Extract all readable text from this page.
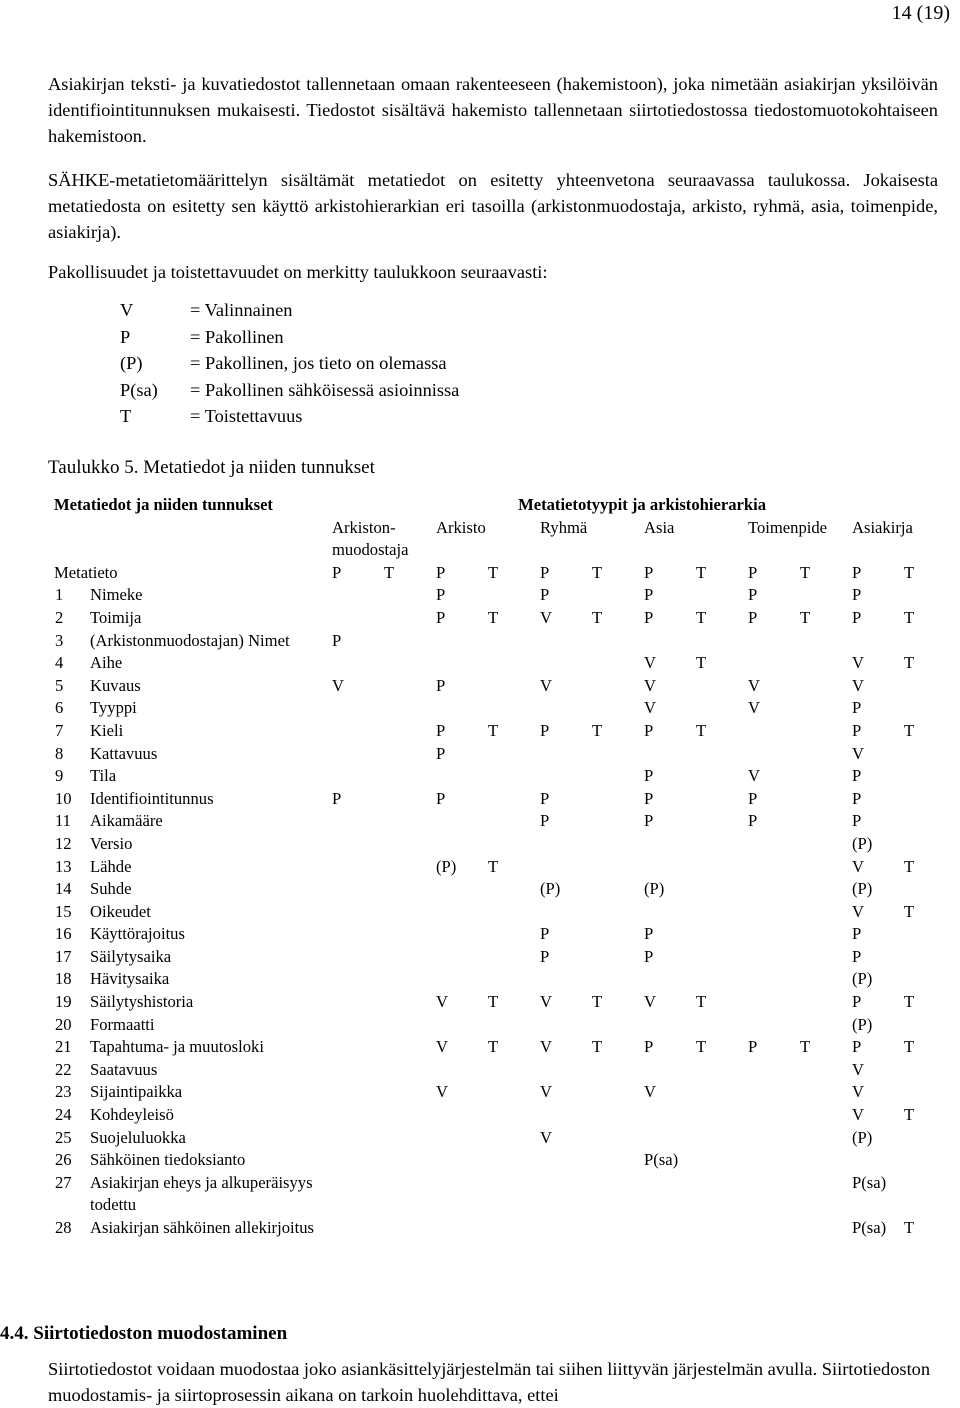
14 (19)

Asiakirjan teksti- ja kuvatiedostot tallennetaan omaan rakenteeseen (hakemistoon), joka nimetään asiakirjan yksilöivän identifiointitunnuksen mukaisesti. Tiedostot sisältävä hakemisto tallennetaan siirtotiedostossa tiedostomuotokohtaiseen hakemistoon.

SÄHKE-metatietomäärittelyn sisältämät metatiedot on esitetty yhteenvetona seuraavassa taulukossa. Jokaisesta metatiedosta on esitetty sen käyttö arkistohierarkian eri tasoilla (arkistonmuodostaja, arkisto, ryhmä, asia, toimenpide, asiakirja).

Pakollisuudet ja toistettavuudet on merkitty taulukkoon seuraavasti:

V	= Valinnainen
P	= Pakollinen
(P)	= Pakollinen, jos tieto on olemassa
P(sa)	= Pakollinen sähköisessä asioinnissa
T	= Toistettavuus
Taulukko 5. Metatiedot ja niiden tunnukset
Metatiedot ja niiden tunnukset		Metatietotyypit ja arkistohierarkia											
		Arkiston- muodostaja		Arkisto		Ryhmä		Asia		Toimenpide		Asiakirja	
Metatieto		P	T	P	T	P	T	P	T	P	T	P	T
1	Nimeke			P		P		P		P		P	
2	Toimija			P	T	V	T	P	T	P	T	P	T
3	(Arkistonmuodostajan) Nimet	P											
4	Aihe							V	T			V	T
5	Kuvaus	V		P		V		V		V		V	
6	Tyyppi							V		V		P	
7	Kieli			P	T	P	T	P	T			P	T
8	Kattavuus			P								V	
9	Tila							P		V		P	
10	Identifiointitunnus	P		P		P		P		P		P	
11	Aikamääre					P		P		P		P	
12	Versio											(P)	
13	Lähde			(P)	T							V	T
14	Suhde					(P)		(P)				(P)	
15	Oikeudet											V	T
16	Käyttörajoitus					P		P				P	
17	Säilytysaika					P		P				P	
18	Hävitysaika											(P)	
19	Säilytyshistoria			V	T	V	T	V	T			P	T
20	Formaatti											(P)	
21	Tapahtuma- ja muutosloki			V	T	V	T	P	T	P	T	P	T
22	Saatavuus											V	
23	Sijaintipaikka			V		V		V				V	
24	Kohdeyleisö											V	T
25	Suojeluluokka					V						(P)	
26	Sähköinen tiedoksianto							P(sa)					
27	Asiakirjan eheys ja alkuperäisyys todettu											P(sa)	
28	Asiakirjan sähköinen allekirjoitus											P(sa)	T
4.4. Siirtotiedoston muodostaminen

Siirtotiedostot voidaan muodostaa joko asiankäsittelyjärjestelmän tai siihen liittyvän järjestelmän avulla. Siirtotiedoston muodostamis- ja siirtoprosessin aikana on tarkoin huolehdittava, ettei
